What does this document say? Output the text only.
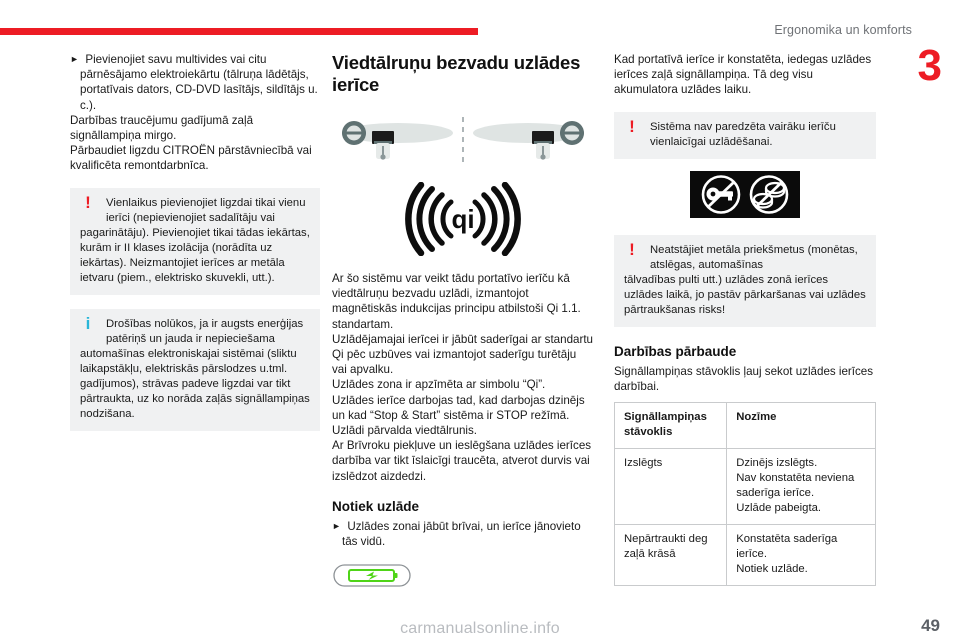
Ergonomika un komforts
3

► Pievienojiet savu multivides vai citu pārnēsājamo elektroiekārtu (tālruņa lādētājs, portatīvais dators, CD-DVD lasītājs, sildītājs u. c.).

Darbības traucējumu gadījumā zaļā signāllampiņa mirgo.

Pārbaudiet ligzdu CITROËN pārstāvniecībā vai kvalificēta remontdarbnīca.

!	Vienlaikus pievienojiet ligzdai tikai vienu ierīci (nepievienojiet sadalītāju vai
pagarinātāju). Pievienojiet tikai tādas iekārtas, kurām ir II klases izolācija (norādīta uz iekārtas). Neizmantojiet ierīces ar metāla ietvaru (piem., elektrisko skuvekli, utt.).
i	Drošības nolūkos, ja ir augsts enerģijas patēriņš un jauda ir nepieciešama
automašīnas elektroniskajai sistēmai (sliktu laikapstākļu, elektriskās pārslodzes u.tml. gadījumos), strāvas padeve ligzdai var tikt pārtraukta, uz ko norāda zaļās signāllampiņas nodzišana.
Viedtālruņu bezvadu uzlādes ierīce

qi

Ar šo sistēmu var veikt tādu portatīvo ierīču kā viedtālruņu bezvadu uzlādi, izmantojot magnētiskās indukcijas principu atbilstoši Qi 1.1. standartam.

Uzlādējamajai ierīcei ir jābūt saderīgai ar standartu Qi pēc uzbūves vai izmantojot saderīgu turētāju vai apvalku.

Uzlādes zona ir apzīmēta ar simbolu “Qi”.

Uzlādes ierīce darbojas tad, kad darbojas dzinējs un kad “Stop & Start” sistēma ir STOP režīmā.

Uzlādi pārvalda viedtālrunis.

Ar Brīvroku piekļuve un ieslēgšana uzlādes ierīces darbība var tikt īslaicīgi traucēta, atverot durvis vai izslēdzot aizdedzi.

Notiek uzlāde

► Uzlādes zonai jābūt brīvai, un ierīce jānovieto tās vidū.

Kad portatīvā ierīce ir konstatēta, iedegas uzlādes ierīces zaļā signāllampiņa. Tā deg visu akumulatora uzlādes laiku.

!	Sistēma nav paredzēta vairāku ierīču vienlaicīgai uzlādēšanai.
!	Neatstājiet metāla priekšmetus (monētas, atslēgas, automašīnas
tālvadības pulti utt.) uzlādes zonā ierīces uzlādes laikā, jo pastāv pārkaršanas vai uzlādes pārtraukšanas risks!
Darbības pārbaude

Signāllampiņas stāvoklis ļauj sekot uzlādes ierīces darbībai.

Signāllampiņas stāvoklis	Nozīme
Izslēgts	Dzinējs izslēgts.
Nav konstatēta neviena saderīga ierīce.
Uzlāde pabeigta.
Nepārtraukti deg zaļā krāsā	Konstatēta saderīga ierīce.
Notiek uzlāde.
carmanualsonline.info	49
